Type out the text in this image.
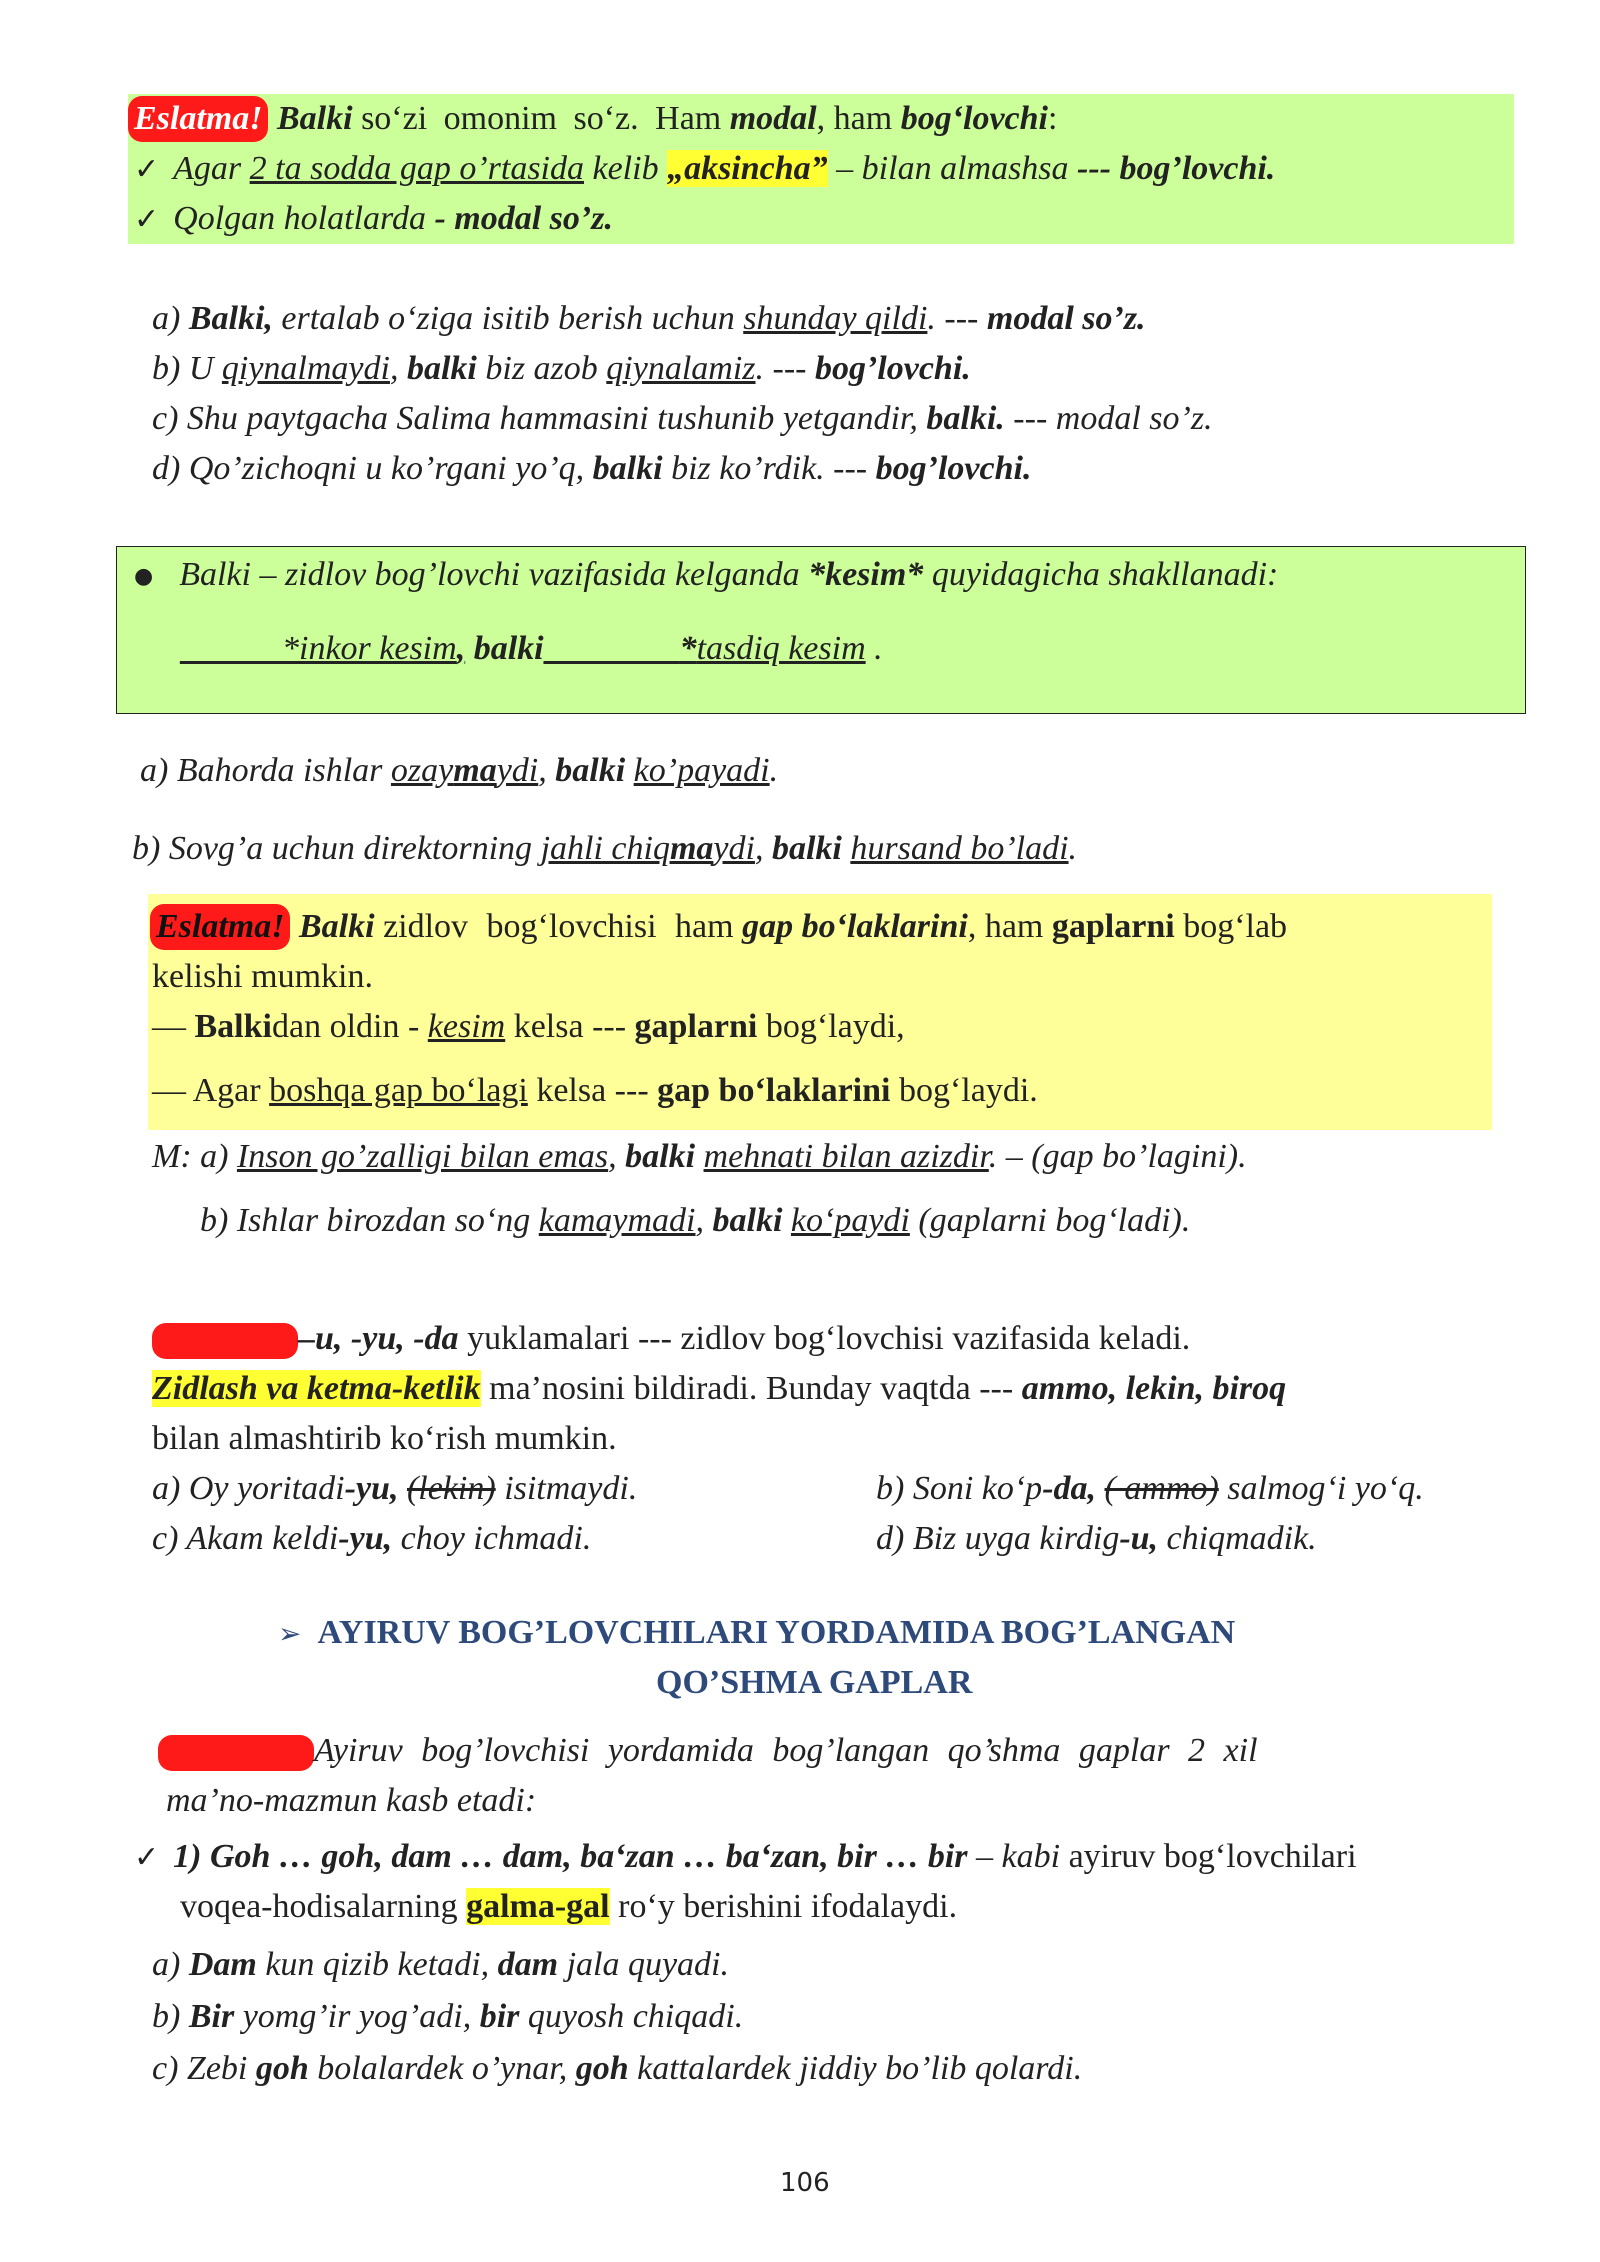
Eslatma! Balki so‘zi omonim so‘z. Ham modal, ham bog‘lovchi:
✓ Agar 2 ta sodda gap o’rtasida kelib „aksincha” – bilan almashsa --- bog’lovchi.
✓ Qolgan holatlarda - modal so’z.
a) Balki, ertalab o‘ziga isitib berish uchun shunday qildi. --- modal so’z.
b) U qiynalmaydi, balki biz azob qiynalamiz. --- bog’lovchi.
c) Shu paytgacha Salima hammasini tushunib yetgandir, balki. --- modal so’z.
d) Qo’zichoqni u ko’rgani yo’q, balki biz ko’rdik. --- bog’lovchi.
● Balki – zidlov bog’lovchi vazifasida kelganda *kesim* quyidagicha shakllanadi:
______*inkor kesim, balki________*tasdiq kesim .
a) Bahorda ishlar ozaymaydi, balki ko’payadi.
b) Sovg’a uchun direktorning jahli chiqmaydi, balki hursand bo’ladi.
Eslatma! Balki zidlov bog‘lovchisi ham gap bo‘laklarini, ham gaplarni bog‘lab
kelishi mumkin.
— Balkidan oldin - kesim kelsa --- gaplarni bog‘laydi,
— Agar boshqa gap bo‘lagi kelsa --- gap bo‘laklarini bog‘laydi.
M: a) Inson go’zalligi bilan emas, balki mehnati bilan azizdir. – (gap bo’lagini).
b) Ishlar birozdan so‘ng kamaymadi, balki ko‘paydi (gaplarni bog‘ladi).
–u, -yu, -da yuklamalari --- zidlov bog‘lovchisi vazifasida keladi.
Zidlash va ketma-ketlik ma’nosini bildiradi. Bunday vaqtda --- ammo, lekin, biroq
bilan almashtirib ko‘rish mumkin.
a) Oy yoritadi-yu, (lekin) isitmaydi.	b) Soni ko‘p-da, ( ammo) salmog‘i yo‘q.
c) Akam keldi-yu, choy ichmadi.	d) Biz uyga kirdig-u, chiqmadik.
➢ AYIRUV BOG’LOVCHILARI YORDAMIDA BOG’LANGAN
QO’SHMA GAPLAR
Ayiruv bog’lovchisi yordamida bog’langan qo’shma gaplar 2 xil
ma’no-mazmun kasb etadi:
✓ 1) Goh … goh, dam … dam, ba‘zan … ba‘zan, bir … bir – kabi ayiruv bog‘lovchilari
voqea-hodisalarning galma-gal ro‘y berishini ifodalaydi.
a) Dam kun qizib ketadi, dam jala quyadi.
b) Bir yomg’ir yog’adi, bir quyosh chiqadi.
c) Zebi goh bolalardek o’ynar, goh kattalardek jiddiy bo’lib qolardi.
106
